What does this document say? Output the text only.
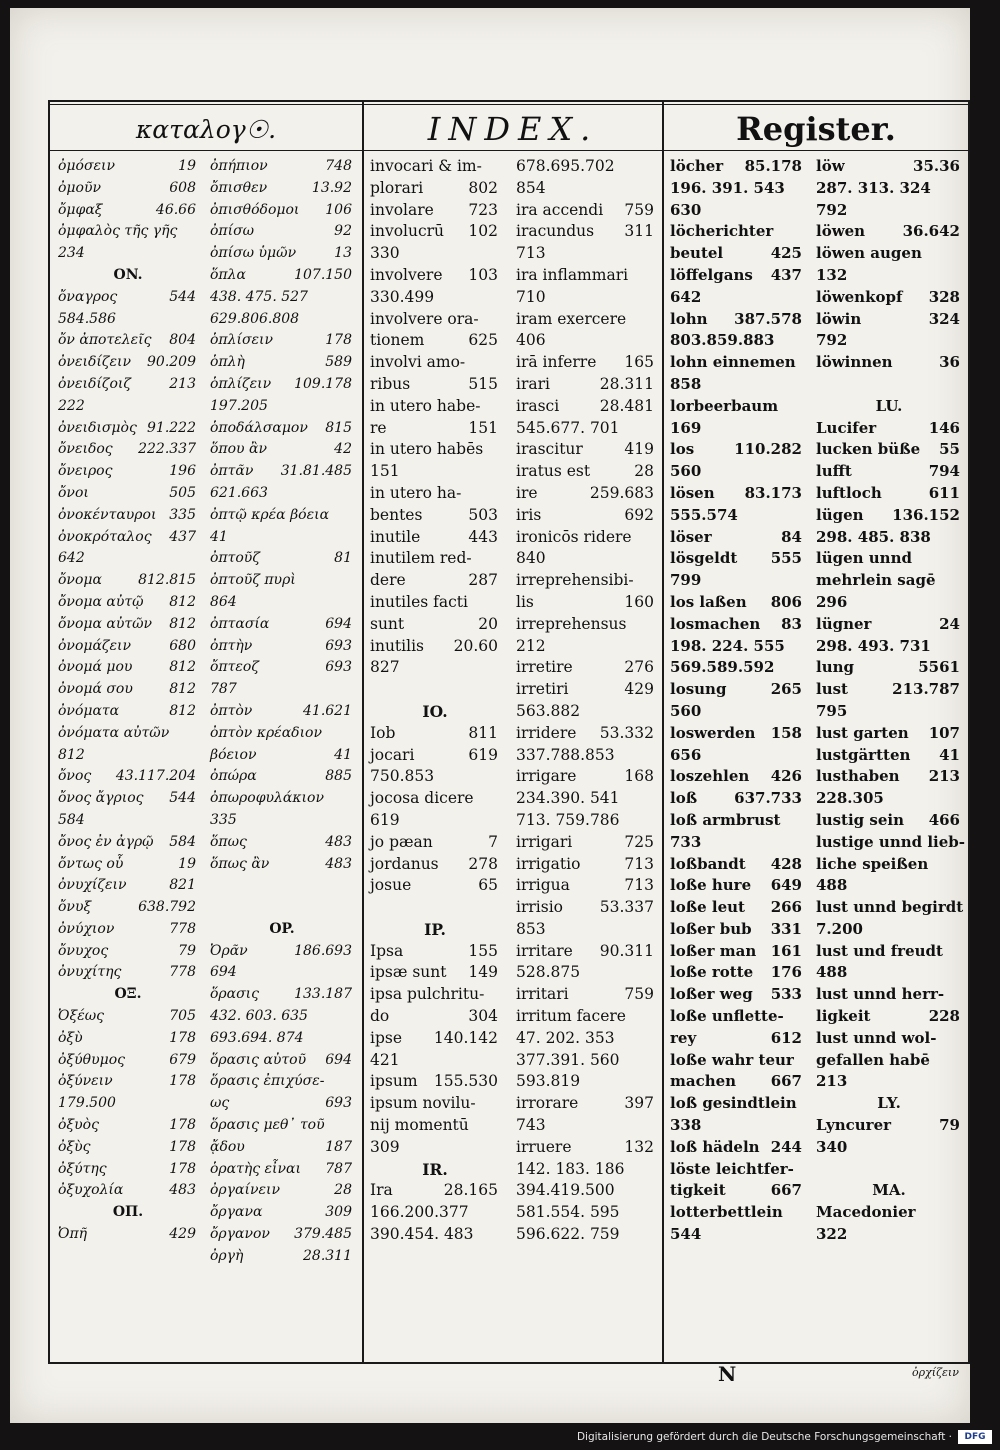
καταλογ☉.	INDEX.	Register.
ὀμόσειν	19
ὀμοῦν	608
ὄμφαξ	46.66
ὀμφαλὸς τῆς γῆς
234
ON.
ὄναγρος	544
584.586
ὄν ἀποτελεῖς 804
ὀνειδίζειν 90.209
ὀνειδίζοιζ	213
222
ὀνειδισμὸς 91.222
ὄνειδος 222.337
ὄνειρος	196
ὄνοι	505
ὀνοκένταυροι 335
ὀνοκρόταλος 437
642
ὄνομα	812.815
ὄνομα αὐτῷ 812
ὄνομα αὐτῶν 812
ὀνομάζειν	680
ὀνομά μου	812
ὀνομά σου	812
ὀνόματα	812
ὀνόματα αὐτῶν
812
ὄνος 43.117.204
ὄνος ἄγριος 544
584
ὄνος ἐν ἀγρῷ 584
ὄντως οὗ	19
ὀνυχίζειν	821
ὄνυξ	638.792
ὀνύχιον	778
ὄνυχος	79
ὀνυχίτης	778
OΞ.
Ὀξέως	705
ὀξὺ	178
ὀξύθυμος	679
ὀξύνειν	178
179.500
ὀξυὸς	178
ὀξὺς	178
ὀξύτης	178
ὀξυχολία	483
OΠ.
Ὀπῆ	429
ὀπήπιον	748
ὄπισθεν	13.92
ὀπισθόδομοι 106
ὀπίσω	92
ὀπίσω ὑμῶν	13
ὅπλα	107.150
438. 475. 527
629.806.808
ὁπλίσειν	178
ὁπλὴ	589
ὁπλίζειν 109.178
197.205
ὁποδάλσαμον 815
ὅπου ἂν	42
ὀπτᾶν 31.81.485
621.663
ὀπτῷ κρέα βόεια
41
ὀπτοῦζ	81
ὀπτοῦζ πυρὶ
864
ὀπτασία	694
ὀπτὴν	693
ὄπτεοζ	693
787
ὀπτὸν	41.621
ὀπτὸν κρέαδιον
βόειον	41
ὀπώρα	885
ὀπωροφυλάκιον
335
ὅπως	483
ὅπως ἂν	483
OP.
Ὀρᾶν	186.693
694
ὅρασις	133.187
432. 603. 635
693.694. 874
ὅρασις αὐτοῦ 694
ὅρασις ἐπιχύσε-
ως	693
ὅρασις μεθ᾽ τοῦ
ᾄδου	187
ὁρατὴς εἶναι 787
ὀργαίνειν	28
ὄργανα	309
ὄργανον 379.485
ὀργὴ	28.311
invocari & im-
plorari	802
involare 723
involucrū 102
330
involvere 103
330.499
involvere ora-
tionem	625
involvi amo-
ribus	515
in utero habe-
re	151
in utero habēs
151
in utero ha-
bentes	503
inutile	443
inutilem red-
dere	287
inutiles facti
sunt	20
inutilis 20.60
827
IO.
Iob	811
jocari	619
750.853
jocosa dicere
619
jo pæan	7
jordanus 278
josue	65
IP.
Ipsa	155
ipsæ sunt 149
ipsa pulchritu-
do	304
ipse 140.142
421
ipsum 155.530
ipsum novilu-
nij momentū
309
IR.
Ira	28.165
166.200.377
390.454. 483
678.695.702
854
ira accendi 759
iracundus 311
713
ira inflammari
710
iram exercere
406
irā inferre 165
irari	28.311
irasci	28.481
545.677. 701
irascitur	419
iratus est	28
ire	259.683
iris	692
ironicōs ridere
840
irreprehensibi-
lis	160
irreprehensus
212
irretire	276
irretiri	429
563.882
irridere 53.332
337.788.853
irrigare	168
234.390. 541
713. 759.786
irrigari	725
irrigatio	713
irrigua	713
irrisio 53.337
853
irritare 90.311
528.875
irritari	759
irritum facere
47. 202. 353
377.391. 560
593.819
irrorare	397
743
irruere	132
142. 183. 186
394.419.500
581.554. 595
596.622. 759
löcher 85.178
196. 391. 543
630
löcherichter
beutel	425
löffelgans 437
642
lohn 387.578
803.859.883
lohn einnemen
858
lorbeerbaum
169
los	110.282
560
lösen 83.173
555.574
löser	84
lösgeldt 555
799
los laßen 806
losmachen 83
198. 224. 555
569.589.592
losung	265
560
loswerden 158
656
loszehlen 426
loß 637.733
loß armbrust
733
loßbandt 428
loße hure 649
loße leut 266
loßer bub 331
loßer man 161
loße rotte 176
loßer weg 533
loße unflette-
rey	612
loße wahr teur
machen 667
loß gesindtlein
338
loß hädeln 244
löste leichtfer-
tigkeit	667
lotterbettlein
544
löw	35.36
287. 313. 324
792
löwen	36.642
löwen augen
132
löwenkopf 328
löwin	324
792
löwinnen	36
LU.
Lucifer	146
lucken büße 55
lufft	794
luftloch	611
lügen 136.152
298. 485. 838
lügen unnd
mehrlein sagē
296
lügner	24
298. 493. 731
lung	5561
lust	213.787
795
lust garten 107
lustgärtten 41
lusthaben 213
228.305
lustig sein 466
lustige unnd lieb-
liche speißen
488
lust unnd begirdt
7.200
lust und freudt
488
lust unnd herr-
ligkeit	228
lust unnd wol-
gefallen habē
213
LY.
Lyncurer	79
340
MA.
Macedonier
322
N	ὀρχίζειν
Digitalisierung gefördert durch die Deutsche Forschungsgemeinschaft ·	DFG
